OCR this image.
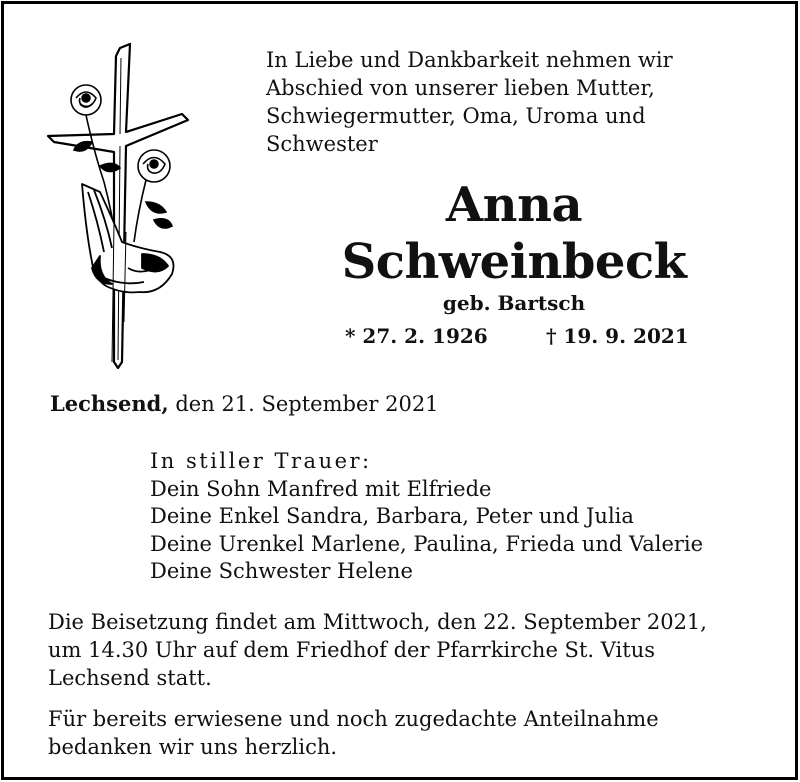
In Liebe und Dankbarkeit nehmen wir
Abschied von unserer lieben Mutter,
Schwiegermutter, Oma, Uroma und
Schwester
Anna
Schweinbeck
geb. Bartsch
* 27. 2. 1926	† 19. 9. 2021
Lechsend, den 21. September 2021
In stiller Trauer:
Dein Sohn Manfred mit Elfriede
Deine Enkel Sandra, Barbara, Peter und Julia
Deine Urenkel Marlene, Paulina, Frieda und Valerie
Deine Schwester Helene
Die Beisetzung findet am Mittwoch, den 22. September 2021,
um 14.30 Uhr auf dem Friedhof der Pfarrkirche St. Vitus
Lechsend statt.
Für bereits erwiesene und noch zugedachte Anteilnahme
bedanken wir uns herzlich.
